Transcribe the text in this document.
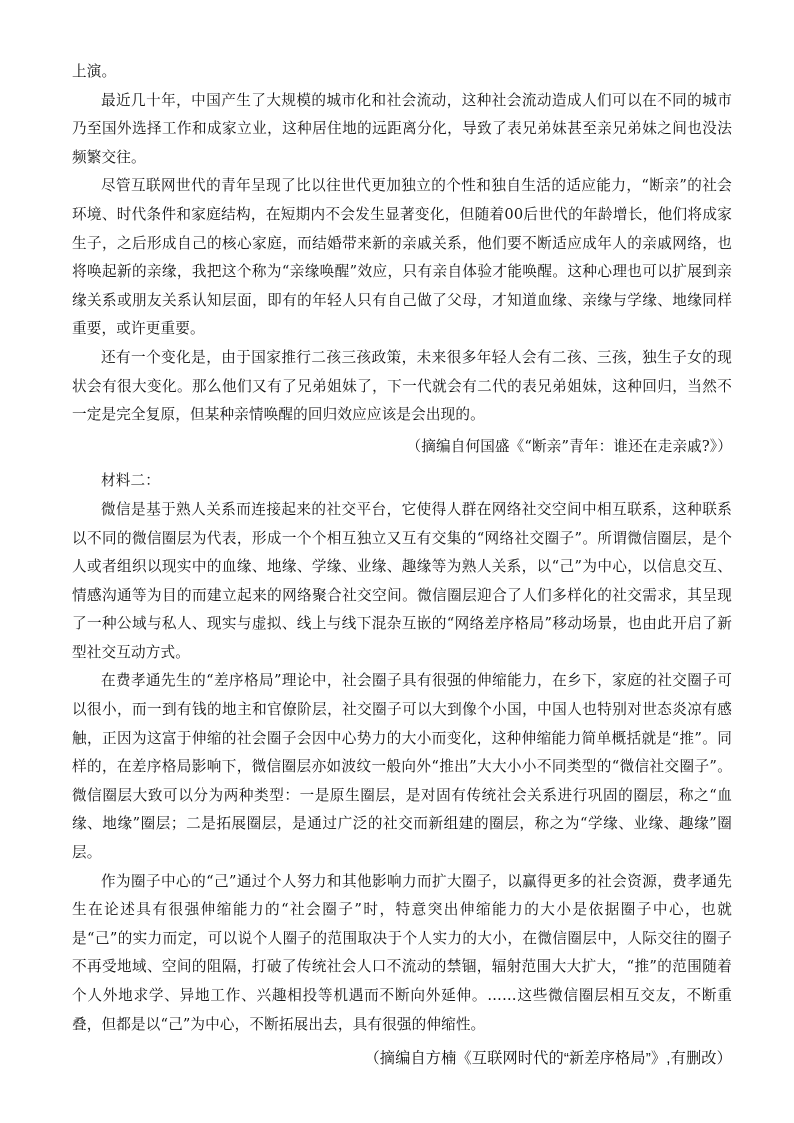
上演。

最近几十年，中国产生了大规模的城市化和社会流动，这种社会流动造成人们可以在不同的城市乃至国外选择工作和成家立业，这种居住地的远距离分化，导致了表兄弟妹甚至亲兄弟妹之间也没法频繁交往。

尽管互联网世代的青年呈现了比以往世代更加独立的个性和独自生活的适应能力，“断亲”的社会环境、时代条件和家庭结构，在短期内不会发生显著变化，但随着00后世代的年龄增长，他们将成家生子，之后形成自己的核心家庭，而结婚带来新的亲戚关系，他们要不断适应成年人的亲戚网络，也将唤起新的亲缘，我把这个称为“亲缘唤醒”效应，只有亲自体验才能唤醒。这种心理也可以扩展到亲缘关系或朋友关系认知层面，即有的年轻人只有自己做了父母，才知道血缘、亲缘与学缘、地缘同样重要，或许更重要。

还有一个变化是，由于国家推行二孩三孩政策，未来很多年轻人会有二孩、三孩，独生子女的现状会有很大变化。那么他们又有了兄弟姐妹了，下一代就会有二代的表兄弟姐妹，这种回归，当然不一定是完全复原，但某种亲情唤醒的回归效应应该是会出现的。

（摘编自何国盛《“断亲”青年：谁还在走亲戚?》）

材料二：

微信是基于熟人关系而连接起来的社交平台，它使得人群在网络社交空间中相互联系，这种联系以不同的微信圈层为代表，形成一个个相互独立又互有交集的“网络社交圈子”。所谓微信圈层，是个人或者组织以现实中的血缘、地缘、学缘、业缘、趣缘等为熟人关系，以“己”为中心，以信息交互、情感沟通等为目的而建立起来的网络聚合社交空间。微信圈层迎合了人们多样化的社交需求，其呈现了一种公域与私人、现实与虚拟、线上与线下混杂互嵌的“网络差序格局”移动场景，也由此开启了新型社交互动方式。

在费孝通先生的“差序格局”理论中，社会圈子具有很强的伸缩能力，在乡下，家庭的社交圈子可以很小，而一到有钱的地主和官僚阶层，社交圈子可以大到像个小国，中国人也特别对世态炎凉有感触，正因为这富于伸缩的社会圈子会因中心势力的大小而变化，这种伸缩能力简单概括就是“推”。同样的，在差序格局影响下，微信圈层亦如波纹一般向外“推出”大大小小不同类型的“微信社交圈子”。微信圈层大致可以分为两种类型：一是原生圈层，是对固有传统社会关系进行巩固的圈层，称之“血缘、地缘”圈层；二是拓展圈层，是通过广泛的社交而新组建的圈层，称之为“学缘、业缘、趣缘”圈层。

作为圈子中心的“己”通过个人努力和其他影响力而扩大圈子，以赢得更多的社会资源，费孝通先生在论述具有很强伸缩能力的“社会圈子”时，特意突出伸缩能力的大小是依据圈子中心，也就是“己”的实力而定，可以说个人圈子的范围取决于个人实力的大小，在微信圈层中，人际交往的圈子不再受地域、空间的阻隔，打破了传统社会人口不流动的禁锢，辐射范围大大扩大，“推”的范围随着个人外地求学、异地工作、兴趣相投等机遇而不断向外延伸。……这些微信圈层相互交友，不断重叠，但都是以“己”为中心，不断拓展出去，具有很强的伸缩性。

（摘编自方楠《互联网时代的“新差序格局”》,有删改）
